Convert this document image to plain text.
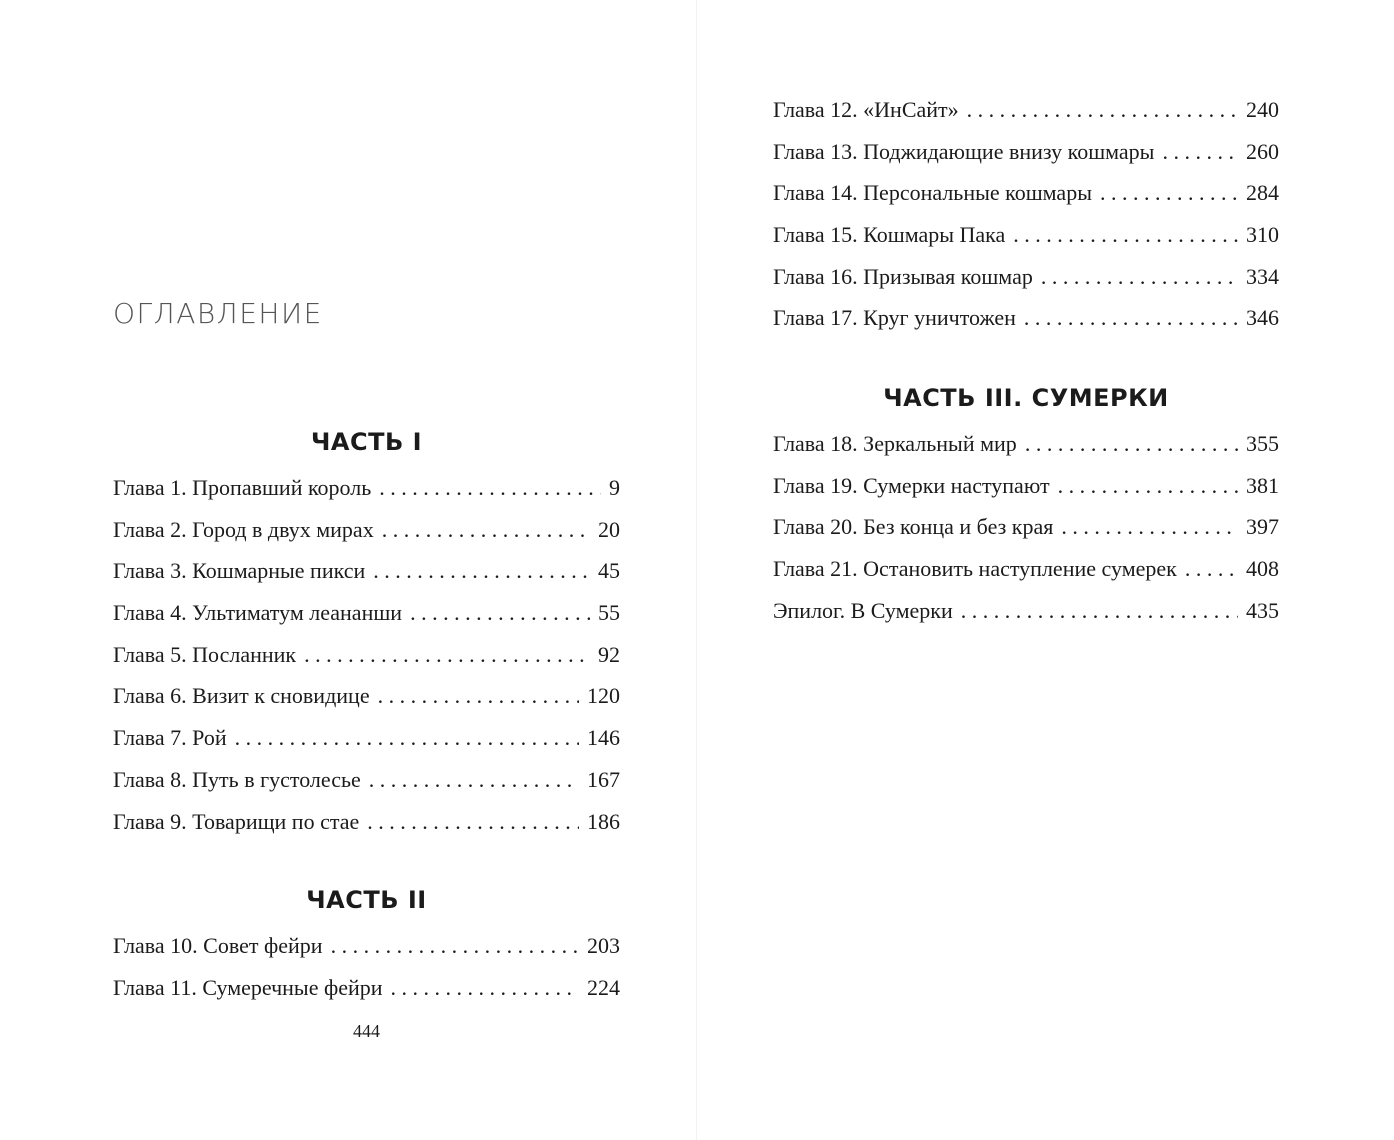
ОГЛАВЛЕНИЕ
ЧАСТЬ I
Глава 1. Пропавший король . . .	9
Глава 2. Город в двух мирах . . .	20
Глава 3. Кошмарные пикси . . .	45
Глава 4. Ультиматум леананши . . .	55
Глава 5. Посланник . . .	92
Глава 6. Визит к сновидице . . .	120
Глава 7. Рой . . .	146
Глава 8. Путь в густолесье . . .	167
Глава 9. Товарищи по стае . . .	186
ЧАСТЬ II
Глава 10. Совет фейри . . .	203
Глава 11. Сумеречные фейри . . .	224

444

Глава 12. «ИнСайт» . . .	240
Глава 13. Поджидающие внизу кошмары . . .	260
Глава 14. Персональные кошмары . . .	284
Глава 15. Кошмары Пака . . .	310
Глава 16. Призывая кошмар . . .	334
Глава 17. Круг уничтожен . . .	346
ЧАСТЬ III. СУМЕРКИ
Глава 18. Зеркальный мир . . .	355
Глава 19. Сумерки наступают . . .	381
Глава 20. Без конца и без края . . .	397
Глава 21. Остановить наступление сумерек . . .	408
Эпилог. В Сумерки . . .	435
